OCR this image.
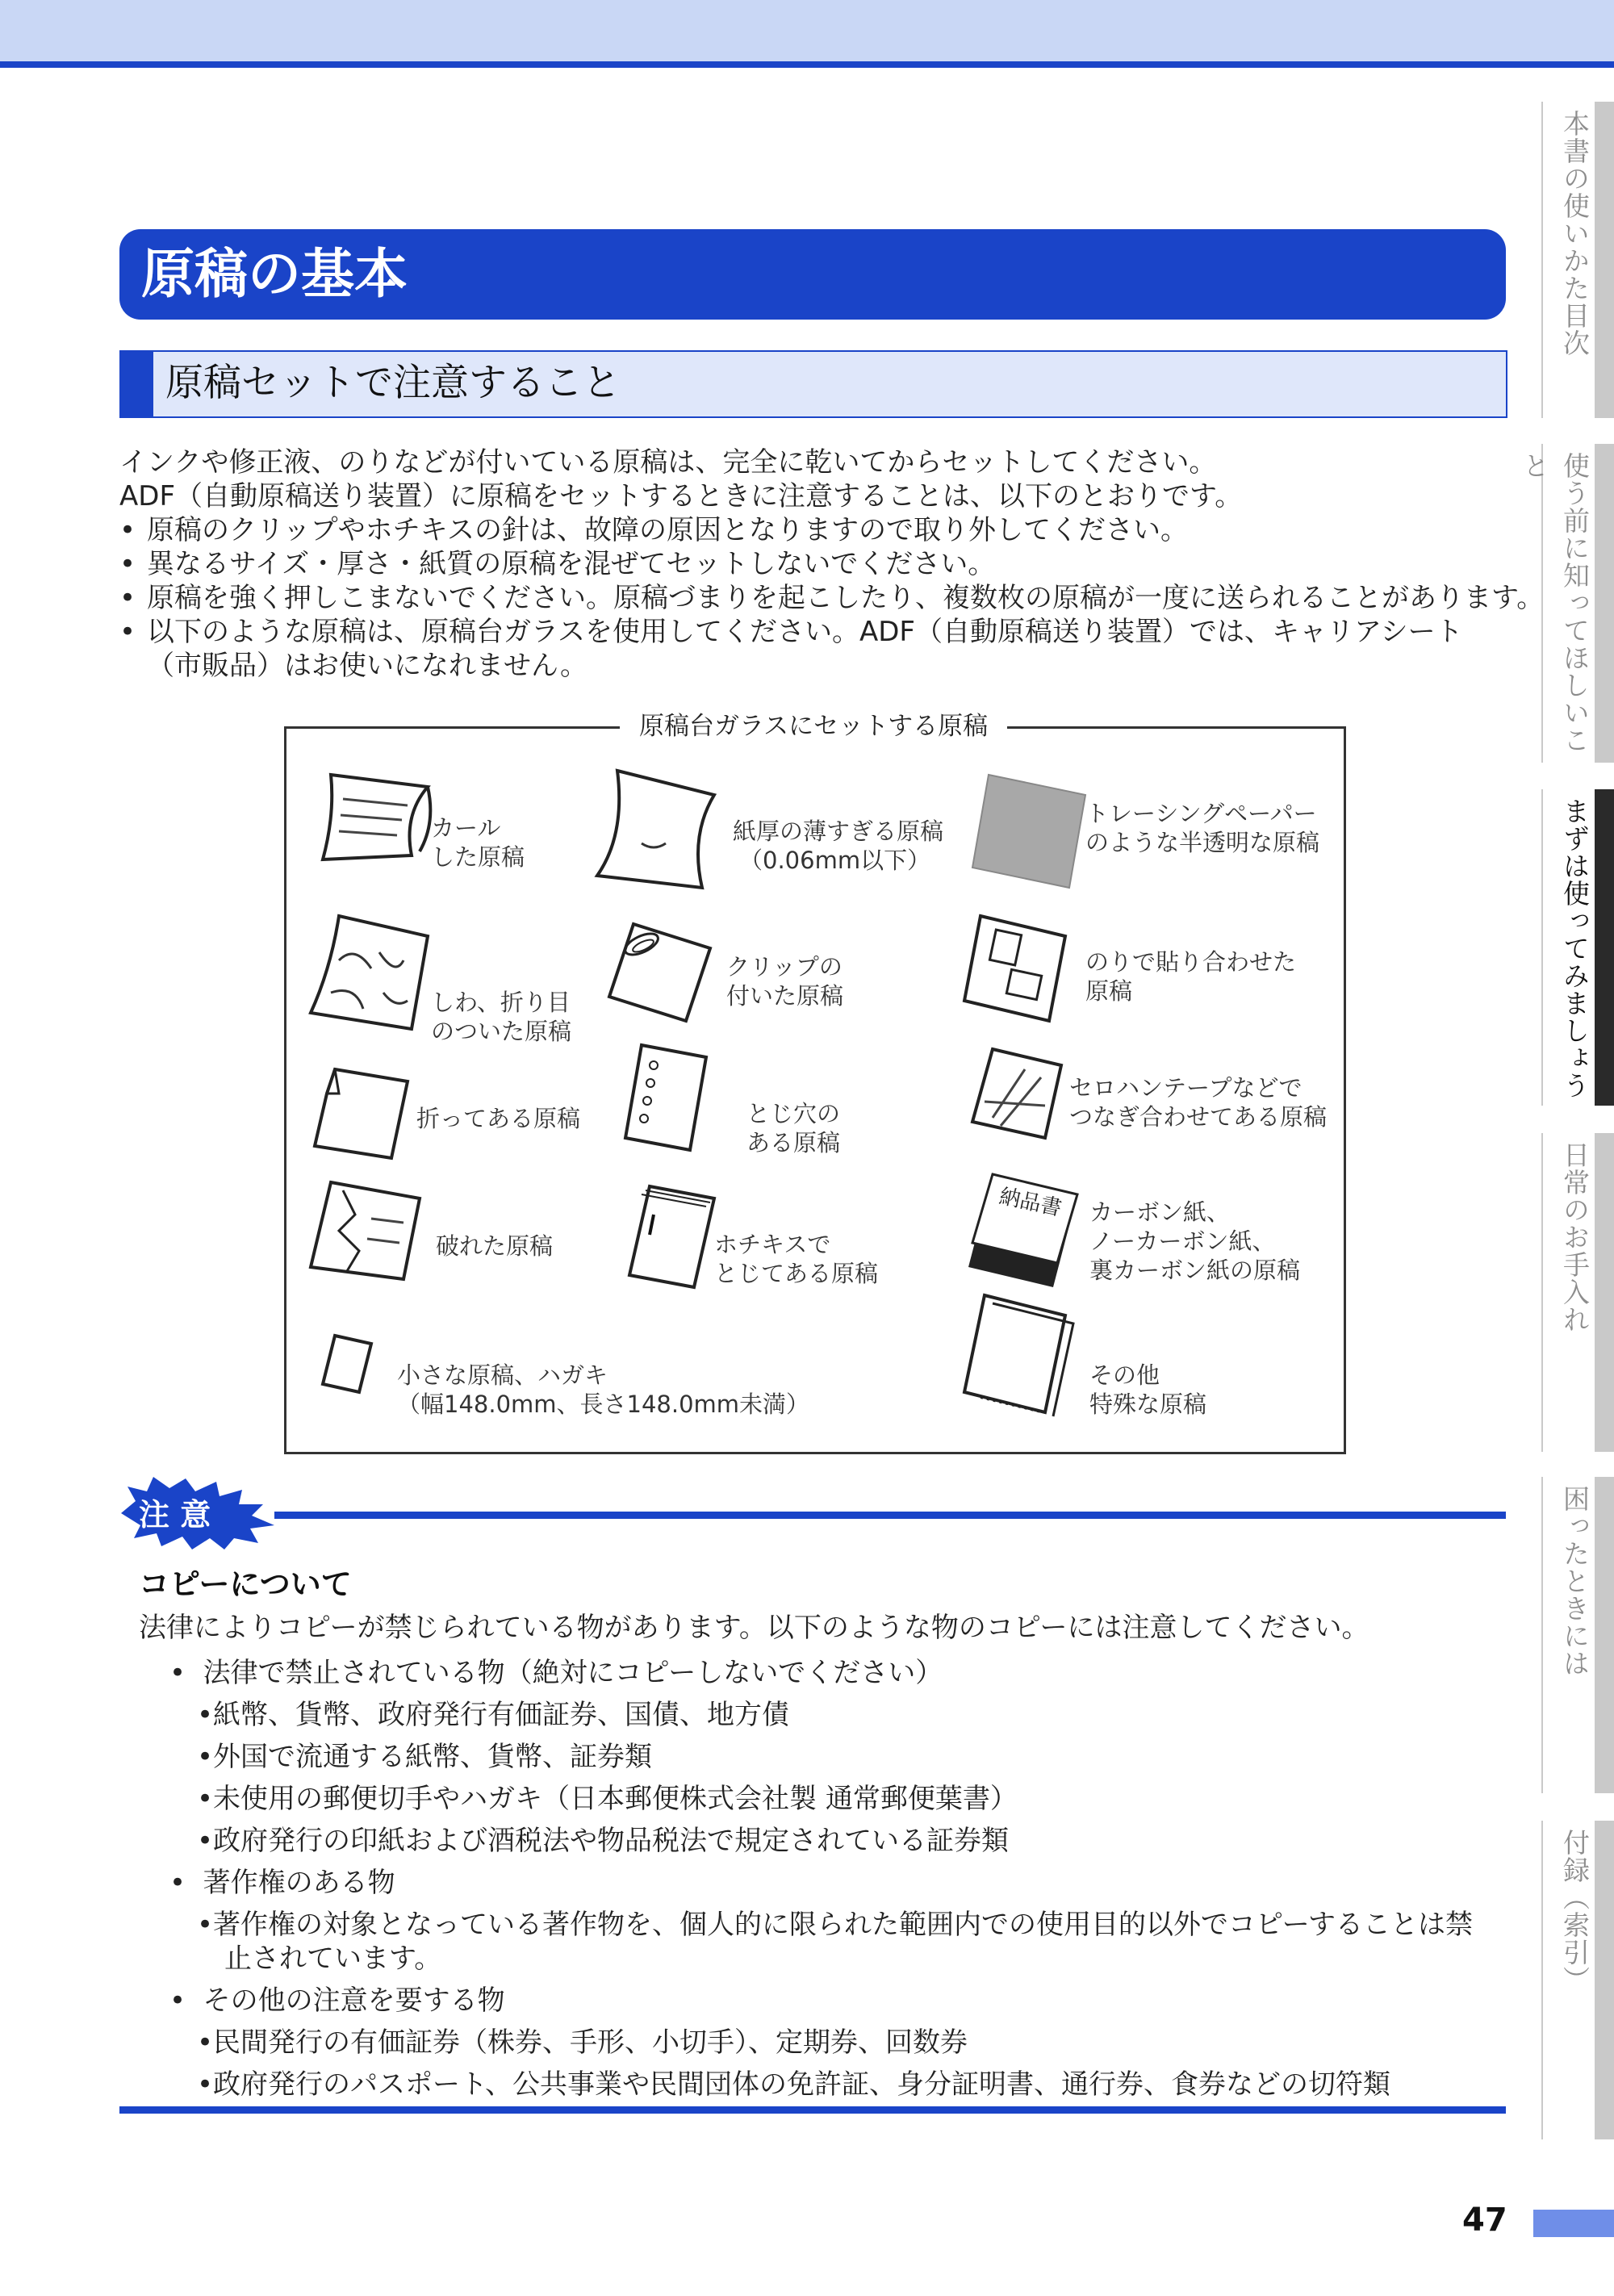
本書の使いかた目次
使う前に知ってほしいこと
まずは使ってみましょう
日常のお手入れ
困ったときには
付録（索引）
原稿の基本
原稿セットで注意すること
インクや修正液、のりなどが付いている原稿は、完全に乾いてからセットしてください。
ADF（自動原稿送り装置）に原稿をセットするときに注意することは、以下のとおりです。
• 原稿のクリップやホチキスの針は、故障の原因となりますので取り外してください。
• 異なるサイズ・厚さ・紙質の原稿を混ぜてセットしないでください。
• 原稿を強く押しこまないでください。原稿づまりを起こしたり、複数枚の原稿が一度に送られることがあります。
• 以下のような原稿は、原稿台ガラスを使用してください。ADF（自動原稿送り装置）では、キャリアシート
（市販品）はお使いになれません。
原稿台ガラスにセットする原稿
納品書
カール
した原稿
紙厚の薄すぎる原稿
（0.06mm以下）
トレーシングペーパー
のような半透明な原稿
しわ、折り目
のついた原稿
クリップの
付いた原稿
のりで貼り合わせた
原稿
折ってある原稿	とじ穴の
ある原稿
セロハンテープなどで
つなぎ合わせてある原稿
破れた原稿	ホチキスで
とじてある原稿
カーボン紙、
ノーカーボン紙、
裏カーボン紙の原稿
小さな原稿、ハガキ
（幅148.0mm、長さ148.0mm未満）
その他
特殊な原稿
注 意
コピーについて
法律によりコピーが禁じられている物があります。以下のような物のコピーには注意してください。
•  法律で禁止されている物（絶対にコピーしないでください）
•紙幣、貨幣、政府発行有価証券、国債、地方債
•外国で流通する紙幣、貨幣、証券類
•未使用の郵便切手やハガキ（日本郵便株式会社製 通常郵便葉書）
•政府発行の印紙および酒税法や物品税法で規定されている証券類
•  著作権のある物
•著作権の対象となっている著作物を、個人的に限られた範囲内での使用目的以外でコピーすることは禁
止されています。
•  その他の注意を要する物
•民間発行の有価証券（株券、手形、小切手）、定期券、回数券
•政府発行のパスポート、公共事業や民間団体の免許証、身分証明書、通行券、食券などの切符類
47
